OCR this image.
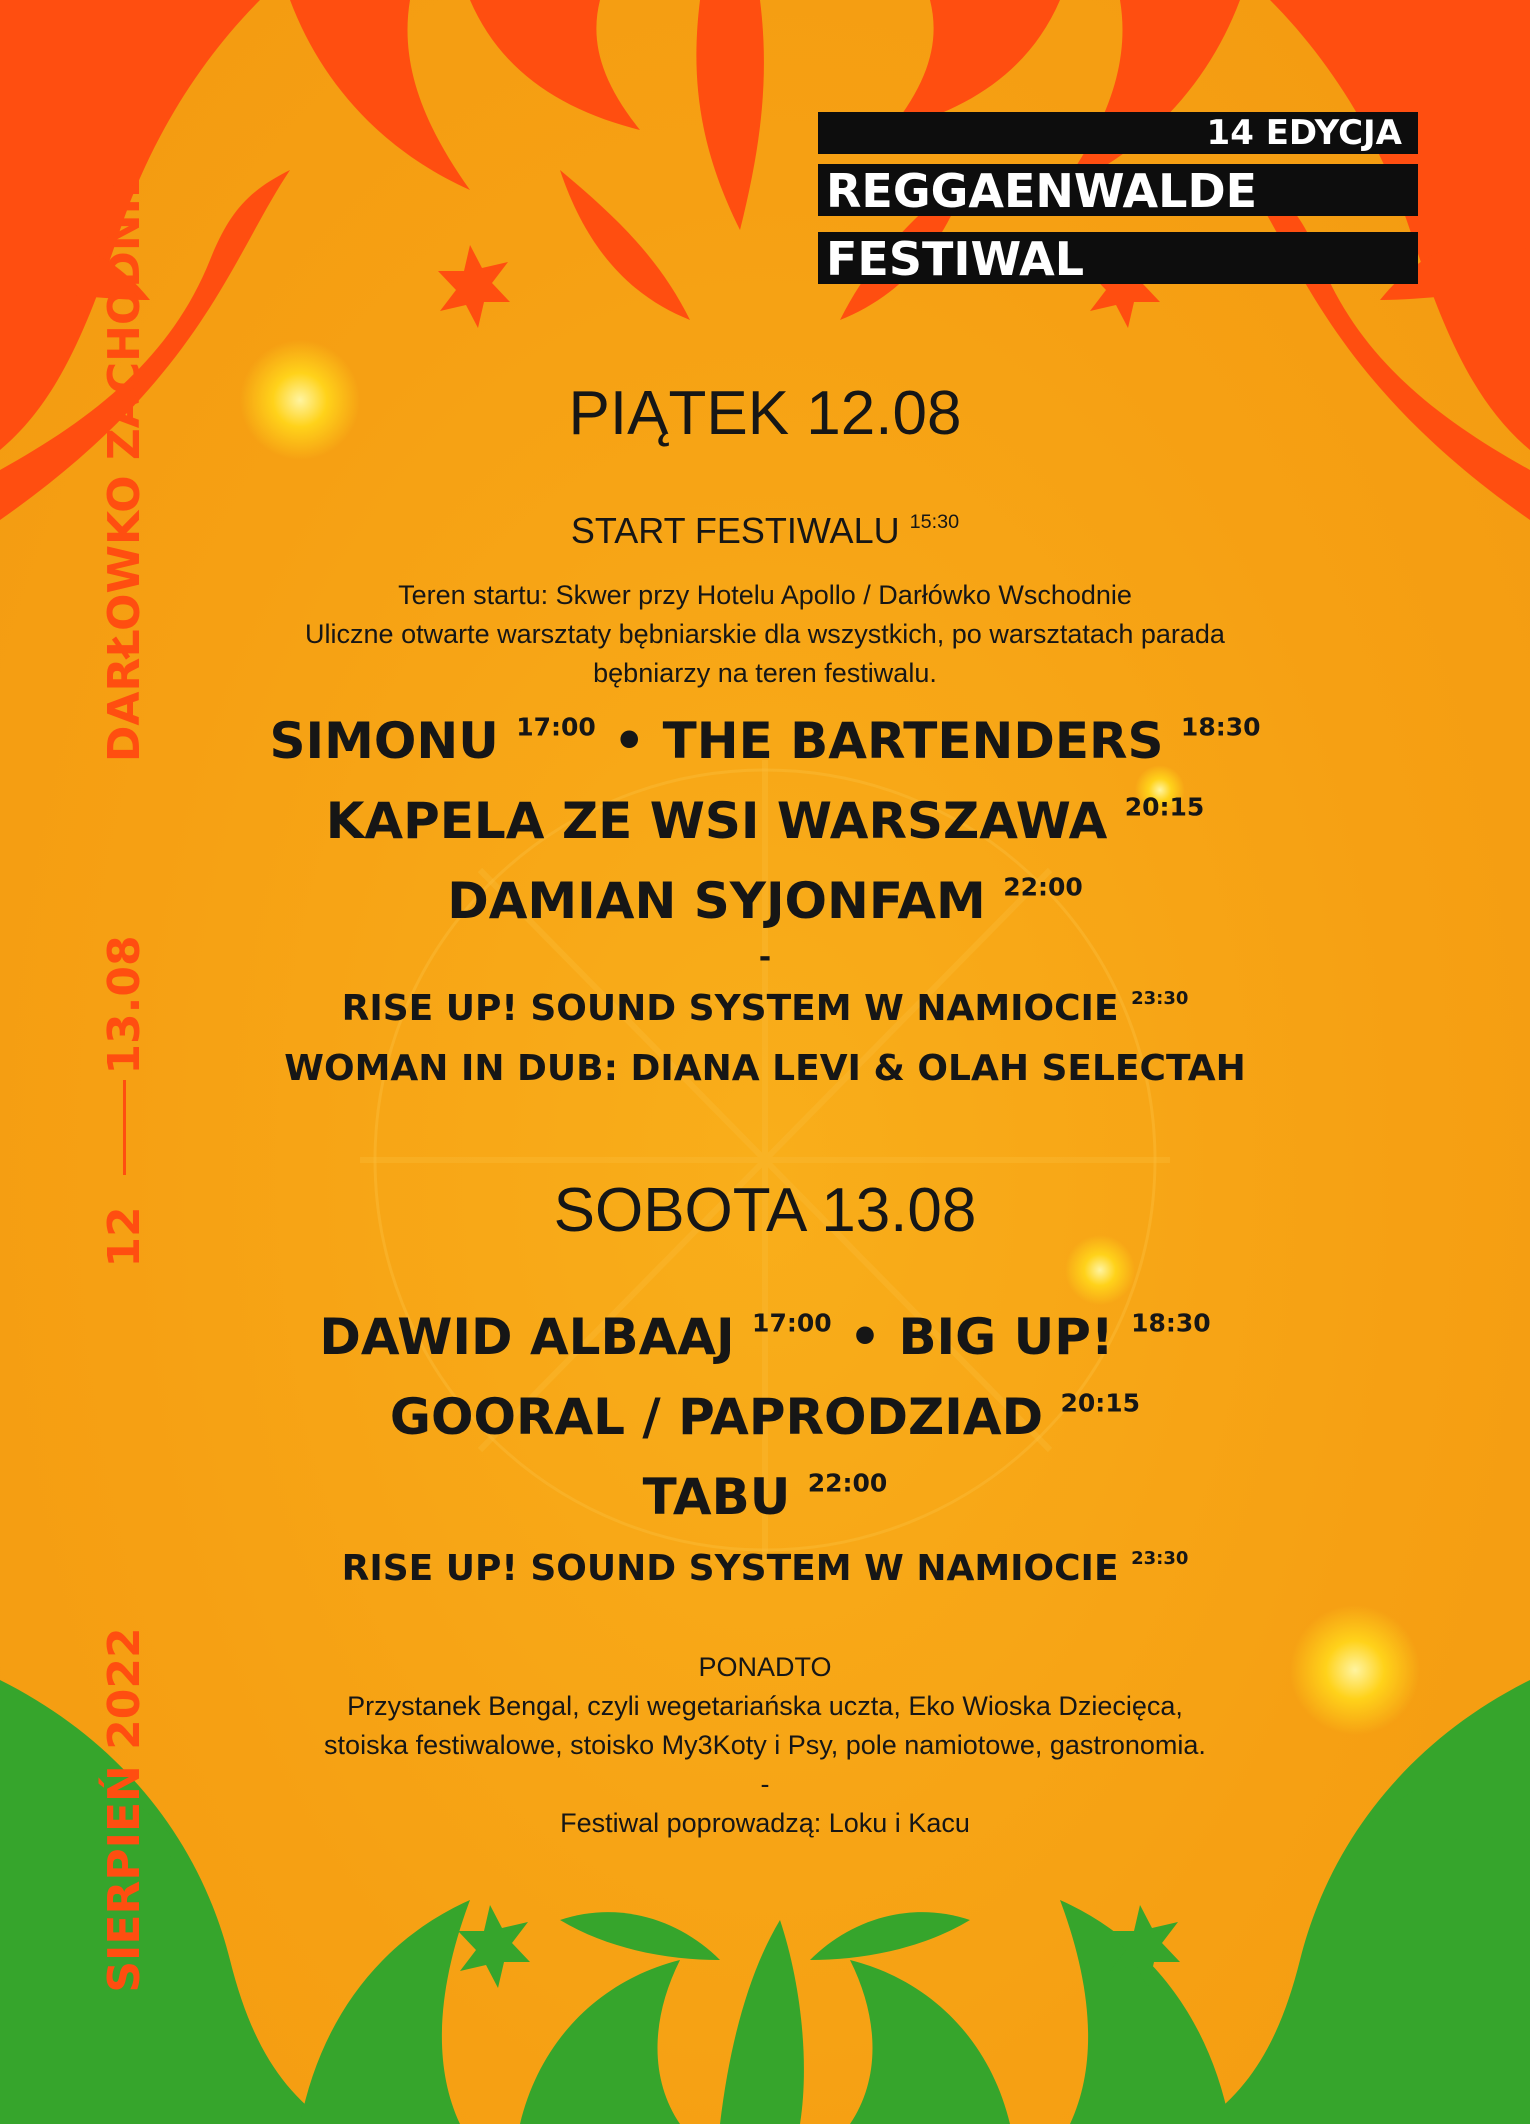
14 EDYCJA
REGGAENWALDE
FESTIWAL
DARŁOWKO ZACHODNIE
13.08
12
SIERPIEŃ 2022
PIĄTEK 12.08
START FESTIWALU $^{15:30}$
Teren startu: Skwer przy Hotelu Apollo / Darłówko Wschodnie
Uliczne otwarte warsztaty bębniarskie dla wszystkich, po warsztatach parada
bębniarzy na teren festiwalu.
SIMONU $^{17:00}$ • THE BARTENDERS $^{18:30}$
KAPELA ZE WSI WARSZAWA $^{20:15}$
DAMIAN SYJONFAM $^{22:00}$
-
RISE UP! SOUND SYSTEM W NAMIOCIE $^{23:30}$
WOMAN IN DUB: DIANA LEVI & OLAH SELECTAH
SOBOTA 13.08
DAWID ALBAAJ $^{17:00}$ • BIG UP! $^{18:30}$
GOORAL / PAPRODZIAD $^{20:15}$
TABU $^{22:00}$
RISE UP! SOUND SYSTEM W NAMIOCIE $^{23:30}$
PONADTO
Przystanek Bengal, czyli wegetariańska uczta, Eko Wioska Dziecięca,
stoiska festiwalowe, stoisko My3Koty i Psy, pole namiotowe, gastronomia.
-
Festiwal poprowadzą: Loku i Kacu
